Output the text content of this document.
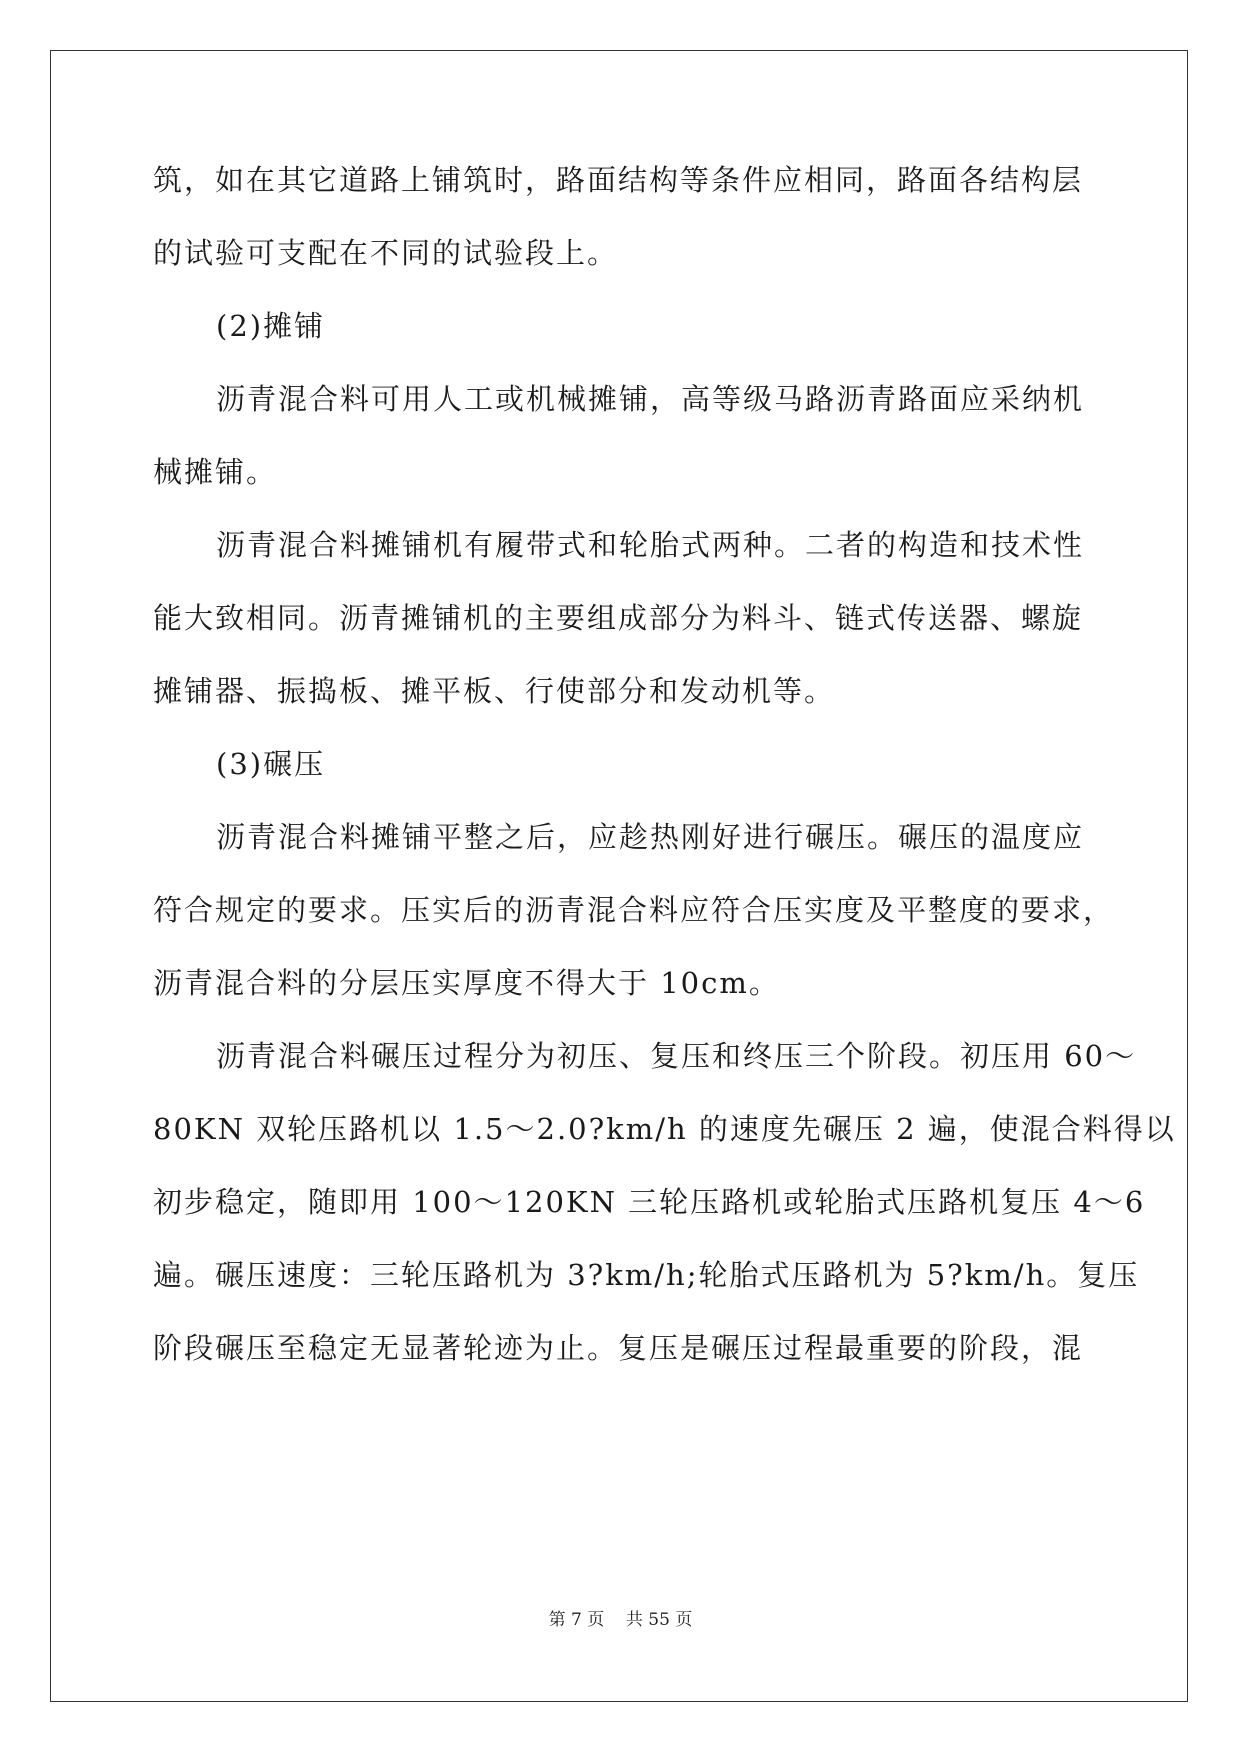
筑，如在其它道路上铺筑时，路面结构等条件应相同，路面各结构层
的试验可支配在不同的试验段上。
(2)摊铺
沥青混合料可用人工或机械摊铺，高等级马路沥青路面应采纳机
械摊铺。
沥青混合料摊铺机有履带式和轮胎式两种。二者的构造和技术性
能大致相同。沥青摊铺机的主要组成部分为料斗、链式传送器、螺旋
摊铺器、振捣板、摊平板、行使部分和发动机等。
(3)碾压
沥青混合料摊铺平整之后，应趁热刚好进行碾压。碾压的温度应
符合规定的要求。压实后的沥青混合料应符合压实度及平整度的要求，
沥青混合料的分层压实厚度不得大于 10cm。
沥青混合料碾压过程分为初压、复压和终压三个阶段。初压用 60～
80KN 双轮压路机以 1.5～2.0?km/h 的速度先碾压 2 遍，使混合料得以
初步稳定，随即用 100～120KN 三轮压路机或轮胎式压路机复压 4～6
遍。碾压速度：三轮压路机为 3?km/h;轮胎式压路机为 5?km/h。复压
阶段碾压至稳定无显著轮迹为止。复压是碾压过程最重要的阶段，混
第 7 页 共 55 页
